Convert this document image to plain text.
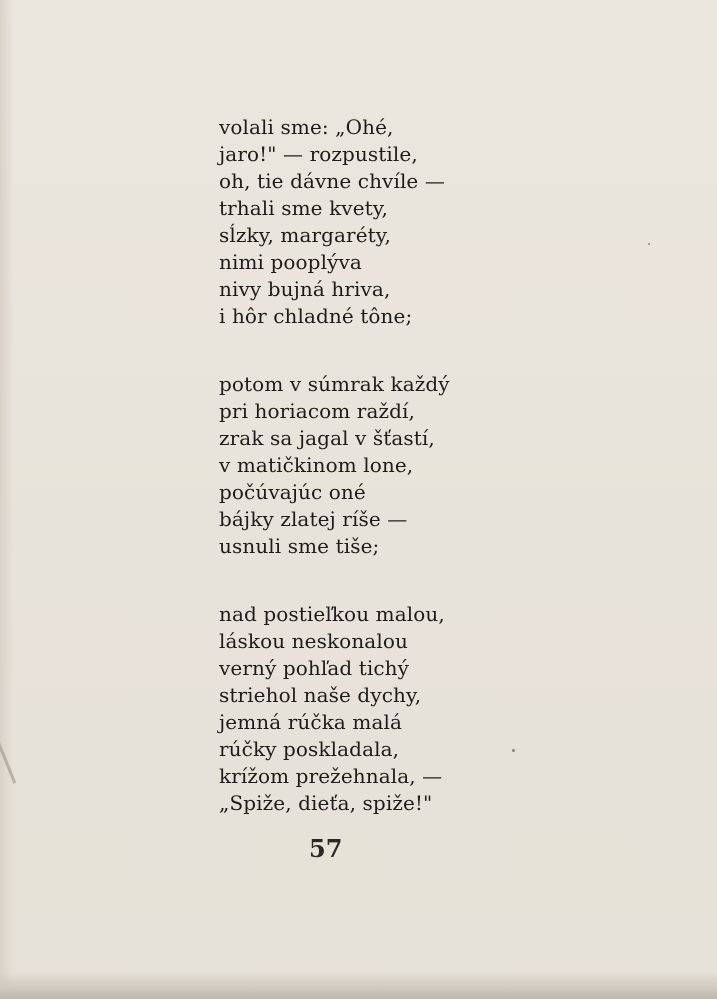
volali sme: „Ohé,
jaro!" — rozpustile,
oh, tie dávne chvíle —
trhali sme kvety,
sĺzky, margaréty,
nimi pooplýva
nivy bujná hriva,
i hôr chladné tône;
potom v súmrak každý
pri horiacom raždí,
zrak sa jagal v šťastí,
v matičkinom lone,
počúvajúc oné
bájky zlatej ríše —
usnuli sme tiše;
nad postieľkou malou,
láskou neskonalou
verný pohľad tichý
striehol naše dychy,
jemná rúčka malá
rúčky poskladala,
krížom prežehnala, —
„Spiže, dieťa, spiže!"
57
